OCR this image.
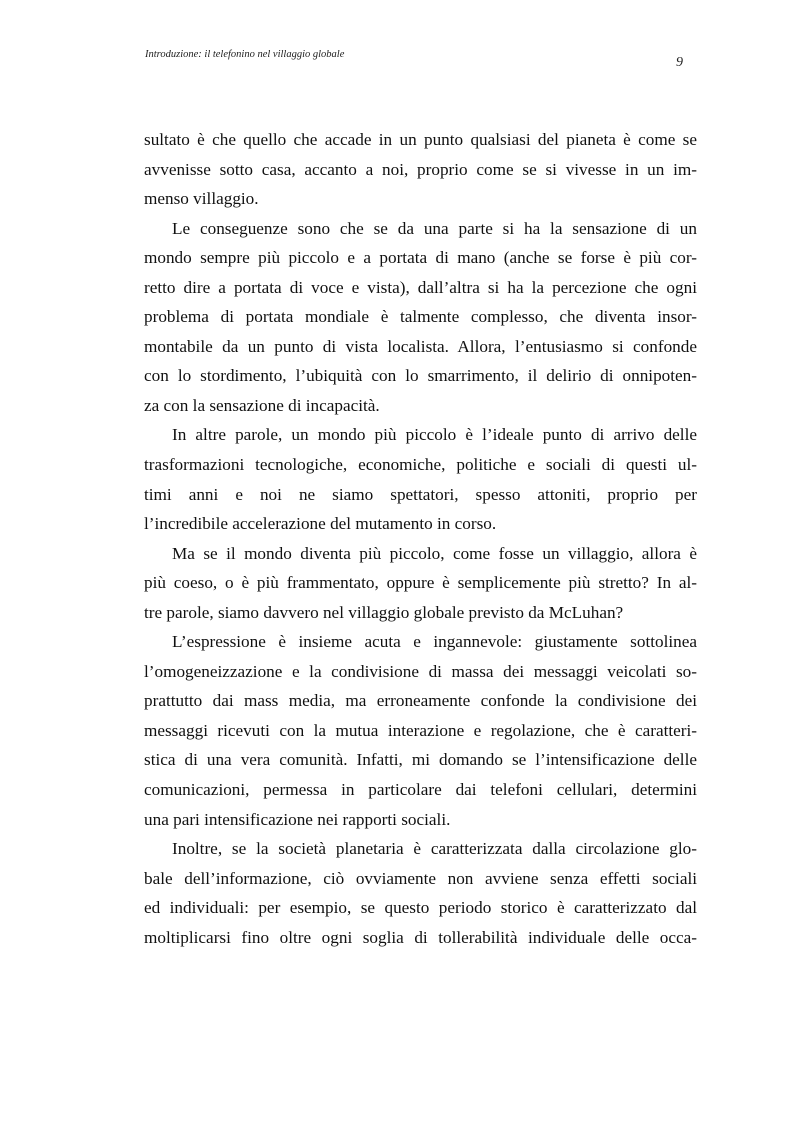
Introduzione: il telefonino nel villaggio globale
9
sultato è che quello che accade in un punto qualsiasi del pianeta è come se
avvenisse sotto casa, accanto a noi, proprio come se si vivesse in un im-
menso villaggio.
Le conseguenze sono che se da una parte si ha la sensazione di un
mondo sempre più piccolo e a portata di mano (anche se forse è più cor-
retto dire a portata di voce e vista), dall’altra si ha la percezione che ogni
problema di portata mondiale è talmente complesso, che diventa insor-
montabile da un punto di vista localista. Allora, l’entusiasmo si confonde
con lo stordimento, l’ubiquità con lo smarrimento, il delirio di onnipoten-
za con la sensazione di incapacità.
In altre parole, un mondo più piccolo è l’ideale punto di arrivo delle
trasformazioni tecnologiche, economiche, politiche e sociali di questi ul-
timi anni e noi ne siamo spettatori, spesso attoniti, proprio per
l’incredibile accelerazione del mutamento in corso.
Ma se il mondo diventa più piccolo, come fosse un villaggio, allora è
più coeso, o è più frammentato, oppure è semplicemente più stretto? In al-
tre parole, siamo davvero nel villaggio globale previsto da McLuhan?
L’espressione è insieme acuta e ingannevole: giustamente sottolinea
l’omogeneizzazione e la condivisione di massa dei messaggi veicolati so-
prattutto dai mass media, ma erroneamente confonde la condivisione dei
messaggi ricevuti con la mutua interazione e regolazione, che è caratteri-
stica di una vera comunità. Infatti, mi domando se l’intensificazione delle
comunicazioni, permessa in particolare dai telefoni cellulari, determini
una pari intensificazione nei rapporti sociali.
Inoltre, se la società planetaria è caratterizzata dalla circolazione glo-
bale dell’informazione, ciò ovviamente non avviene senza effetti sociali
ed individuali: per esempio, se questo periodo storico è caratterizzato dal
moltiplicarsi fino oltre ogni soglia di tollerabilità individuale delle occa-
